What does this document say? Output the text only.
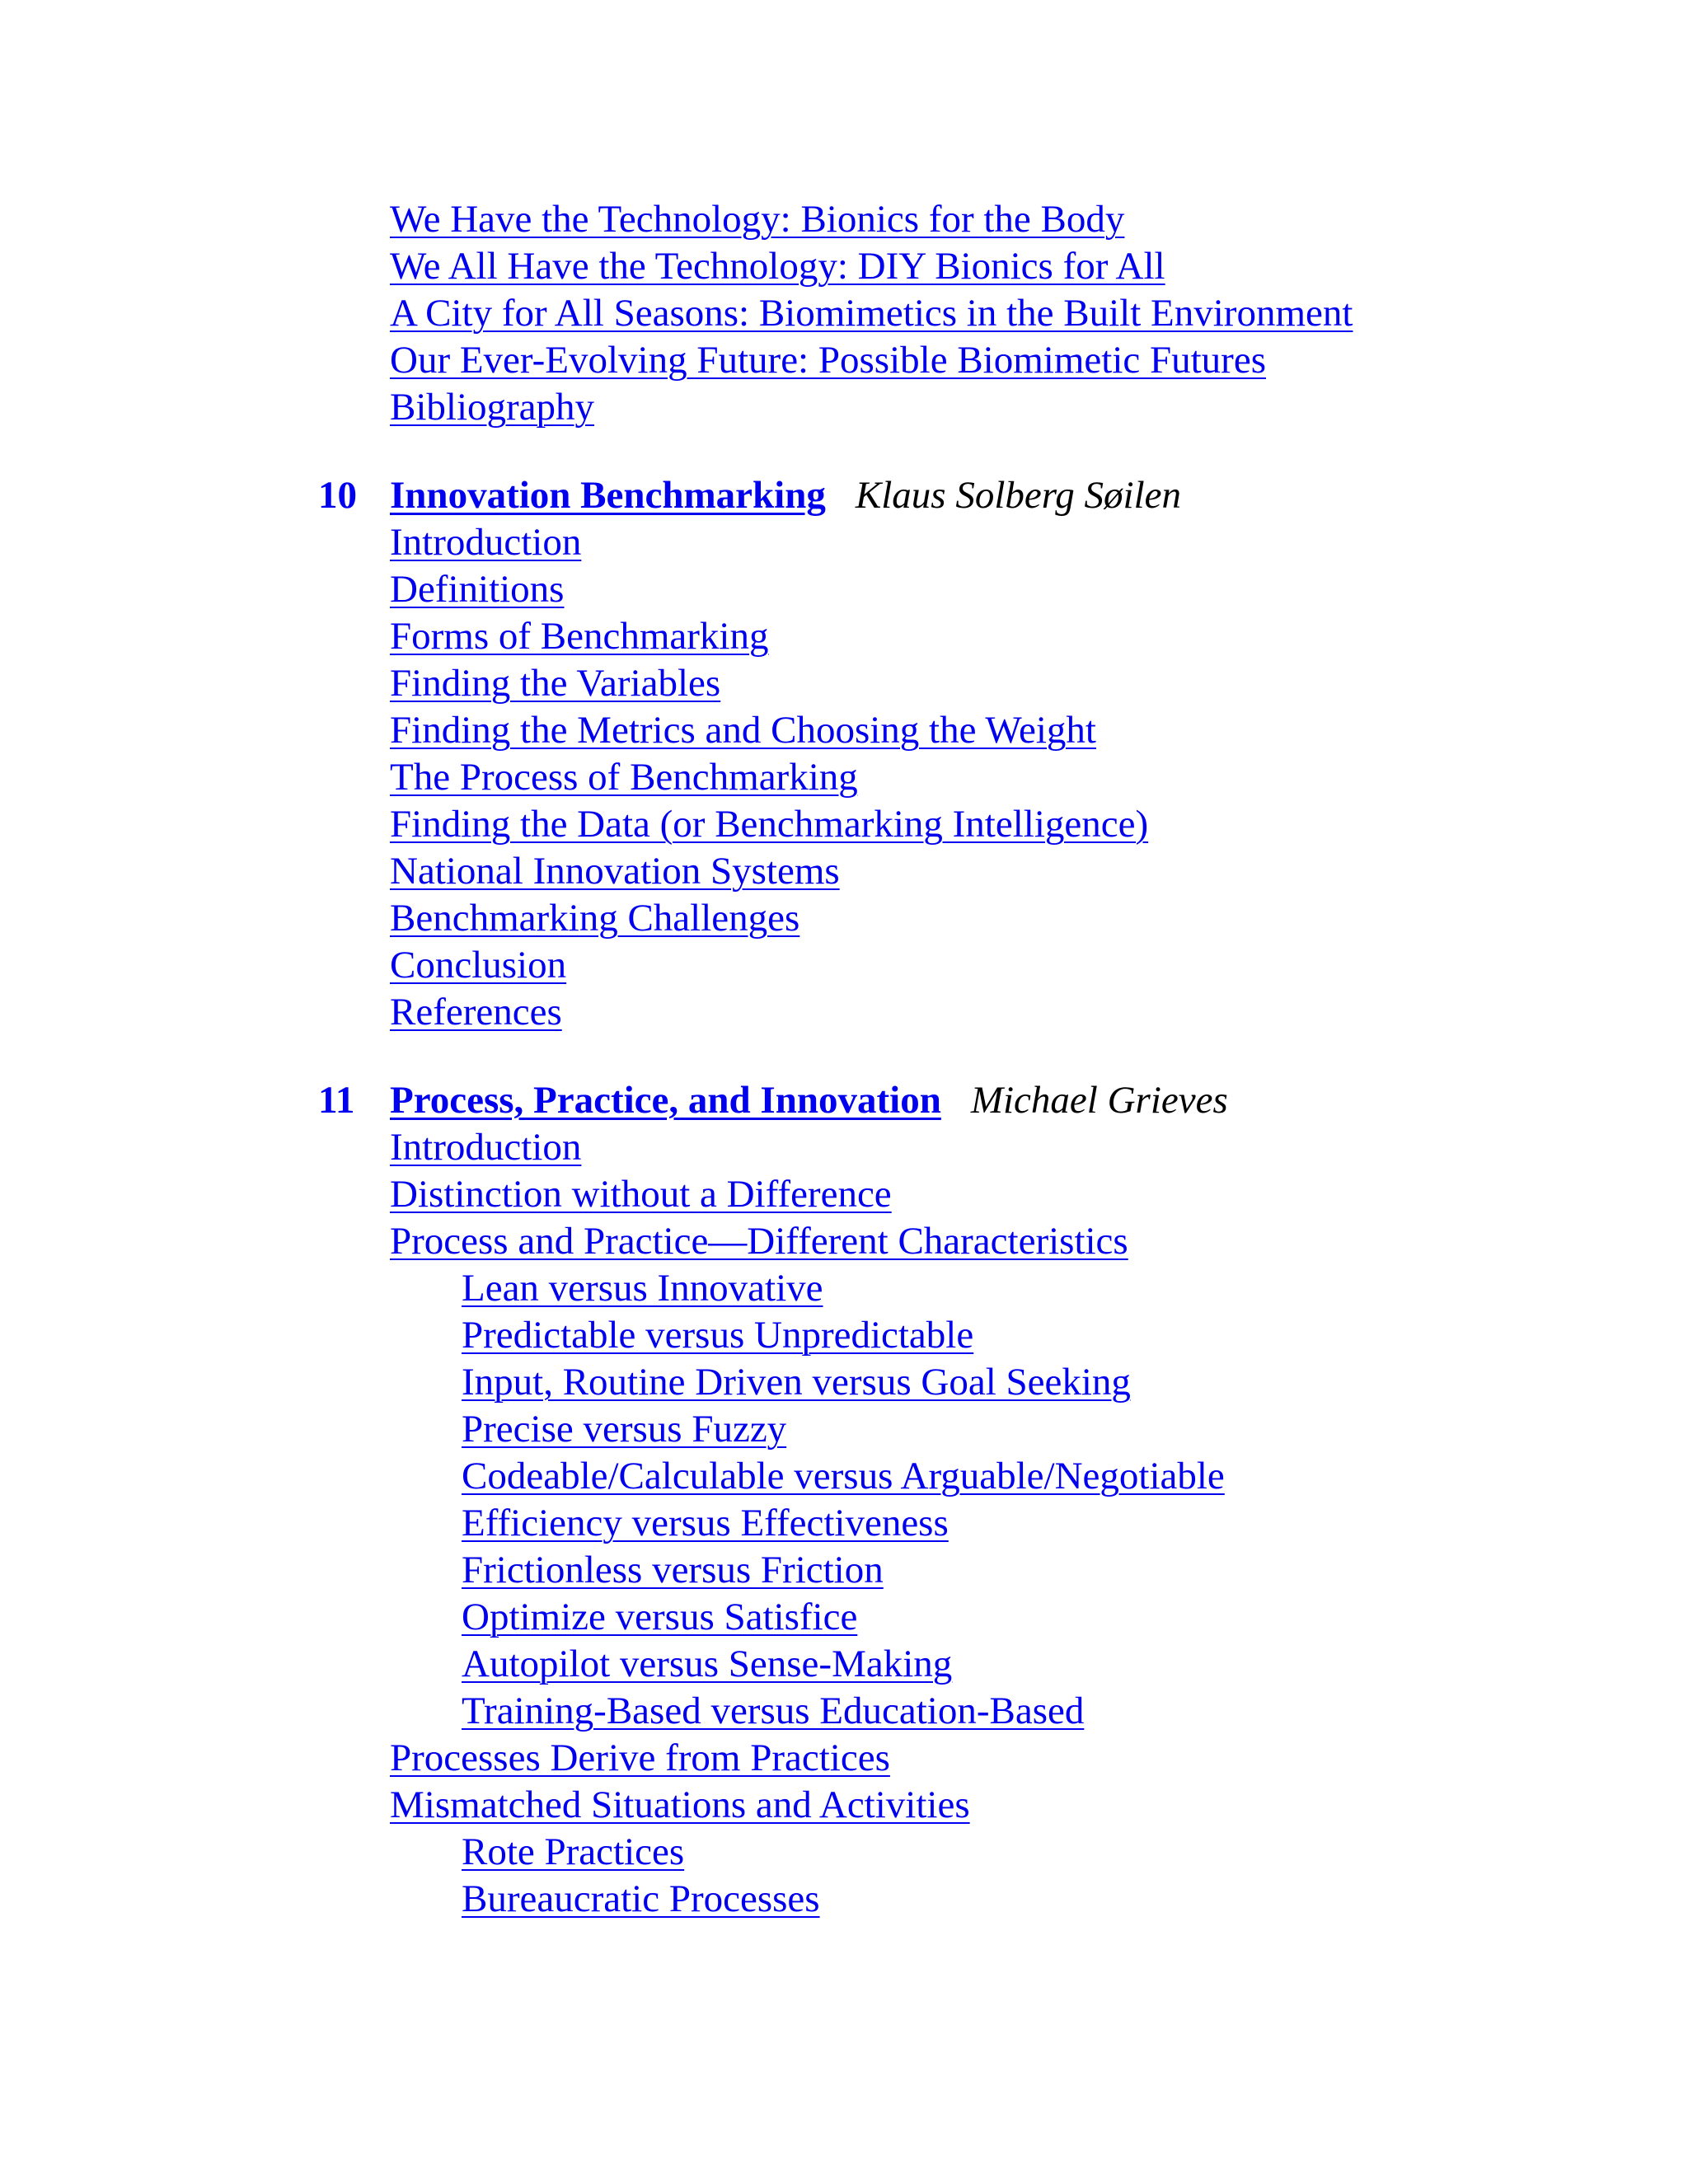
We Have the Technology: Bionics for the Body
We All Have the Technology: DIY Bionics for All
A City for All Seasons: Biomimetics in the Built Environment
Our Ever-Evolving Future: Possible Biomimetic Futures
Bibliography
10 Innovation Benchmarking Klaus Solberg Søilen
Introduction
Definitions
Forms of Benchmarking
Finding the Variables
Finding the Metrics and Choosing the Weight
The Process of Benchmarking
Finding the Data (or Benchmarking Intelligence)
National Innovation Systems
Benchmarking Challenges
Conclusion
References
11 Process, Practice, and Innovation Michael Grieves
Introduction
Distinction without a Difference
Process and Practice—Different Characteristics
Lean versus Innovative
Predictable versus Unpredictable
Input, Routine Driven versus Goal Seeking
Precise versus Fuzzy
Codeable/Calculable versus Arguable/Negotiable
Efficiency versus Effectiveness
Frictionless versus Friction
Optimize versus Satisfice
Autopilot versus Sense-Making
Training-Based versus Education-Based
Processes Derive from Practices
Mismatched Situations and Activities
Rote Practices
Bureaucratic Processes
